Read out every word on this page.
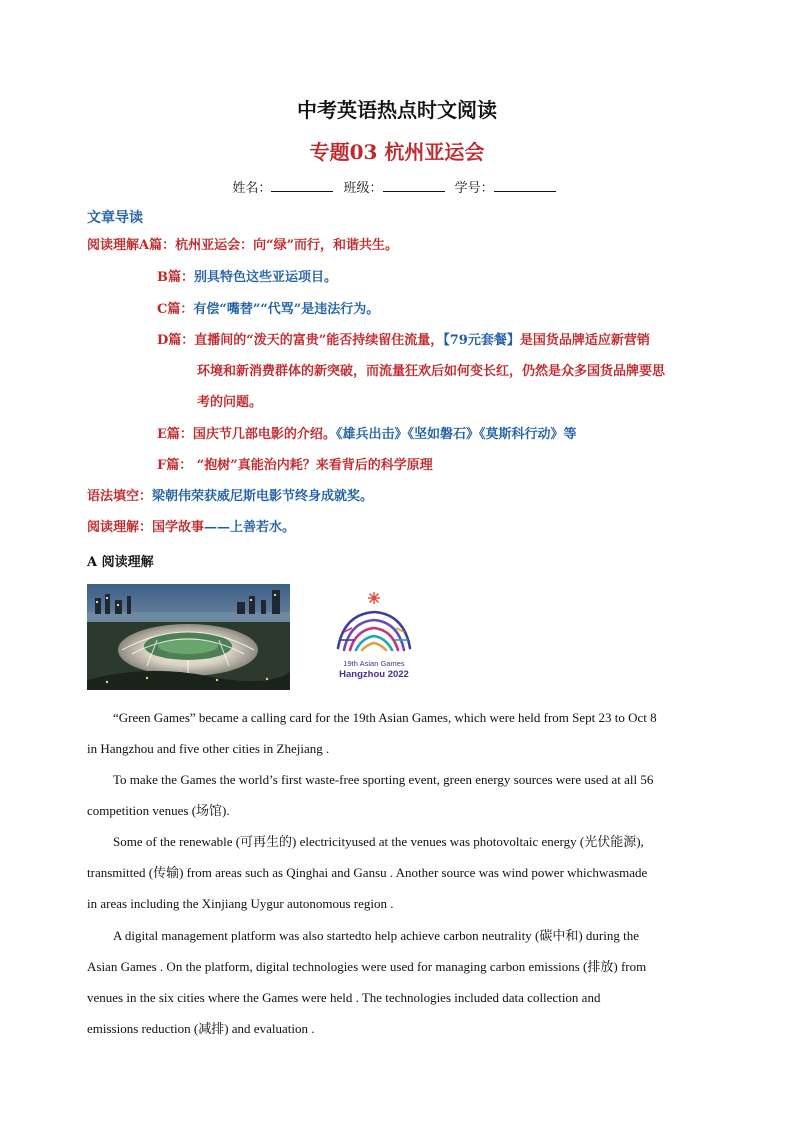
中考英语热点时文阅读
专题03 杭州亚运会
姓名：	班级：	学号：
文章导读
阅读理解A篇：杭州亚运会：向“绿”而行，和谐共生。
B篇：别具特色这些亚运项目。
C篇：有偿“嘴替”“代骂”是违法行为。
D篇：直播间的“泼天的富贵”能否持续留住流量，【79元套餐】是国货品牌适应新营销
环境和新消费群体的新突破，而流量狂欢后如何变长红，仍然是众多国货品牌要思
考的问题。
E篇：国庆节几部电影的介绍。《雄兵出击》《坚如磐石》《莫斯科行动》等
F篇： “抱树”真能治内耗？来看背后的科学原理
语法填空：梁朝伟荣获威尼斯电影节终身成就奖。
阅读理解：国学故事——上善若水。
A 阅读理解
19th Asian Games
Hangzhou 2022
“Green Games” became a calling card for the 19th Asian Games, which were held from Sept 23 to Oct 8
in Hangzhou and five other cities in Zhejiang .
To make the Games the world’s first waste-free sporting event, green energy sources were used at all 56
competition venues (场馆).
Some of the renewable (可再生的) electricityused at the venues was photovoltaic energy (光伏能源),
transmitted (传输) from areas such as Qinghai and Gansu . Another source was wind power whichwasmade
in areas including the Xinjiang Uygur autonomous region .
A digital management platform was also startedto help achieve carbon neutrality (碳中和) during the
Asian Games . On the platform, digital technologies were used for managing carbon emissions (排放) from
venues in the six cities where the Games were held . The technologies included data collection and
emissions reduction (减排) and evaluation .
